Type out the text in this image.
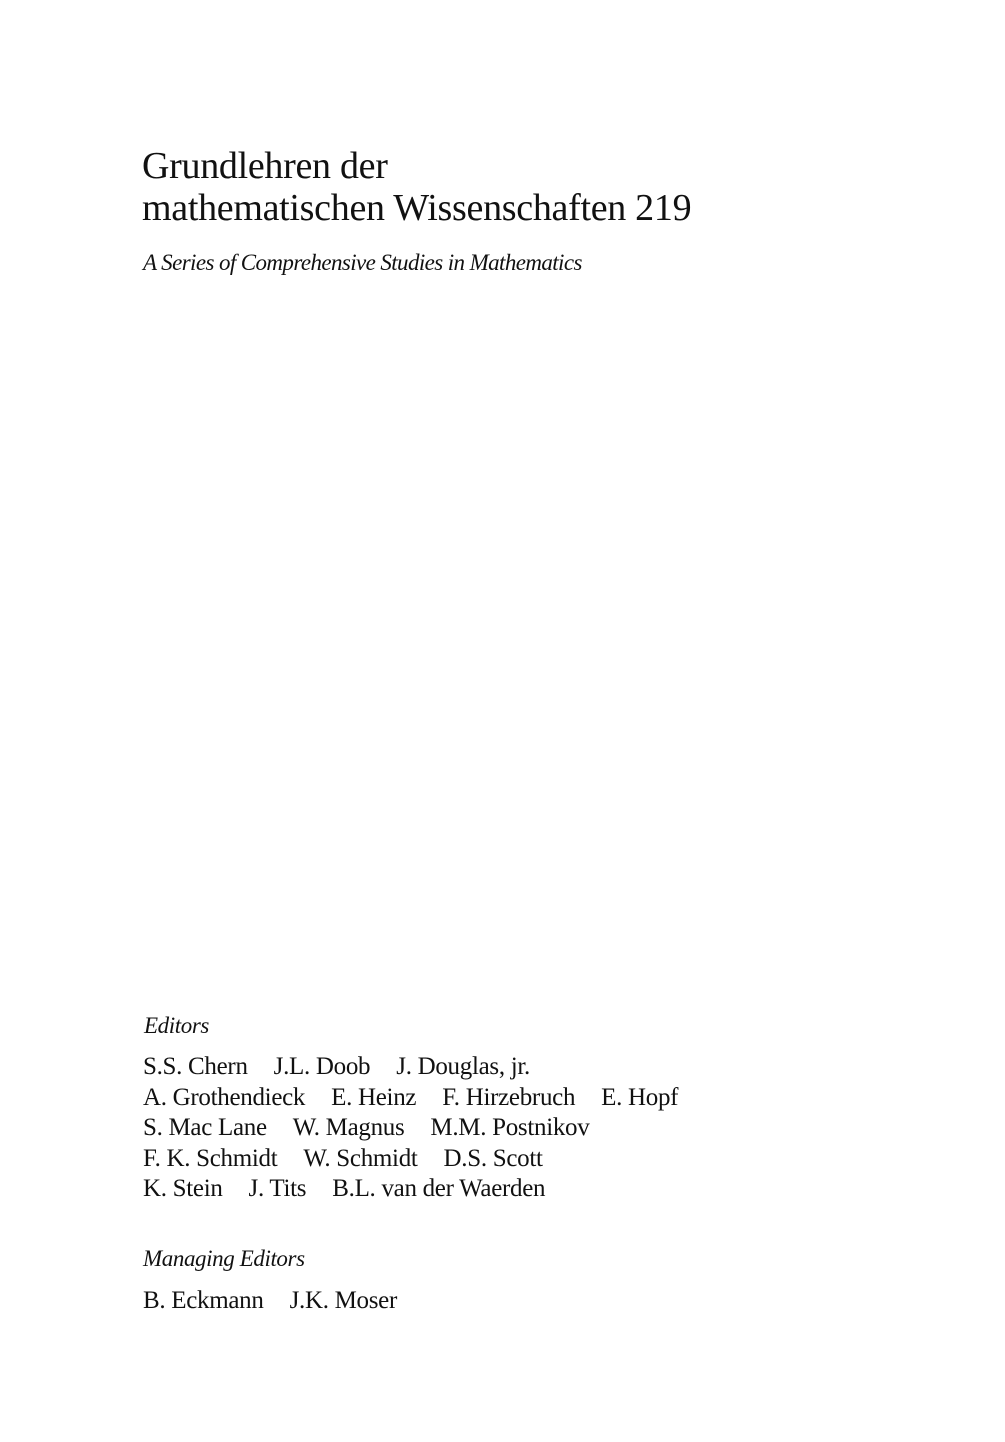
Grundlehren der
mathematischen Wissenschaften 219
A Series of Comprehensive Studies in Mathematics
Editors
S.S. Chern J.L. Doob J. Douglas, jr.
A. Grothendieck E. Heinz F. Hirzebruch E. Hopf
S. Mac Lane W. Magnus M.M. Postnikov
F. K. Schmidt W. Schmidt D.S. Scott
K. Stein J. Tits B.L. van der Waerden
Managing Editors
B. Eckmann J.K. Moser
